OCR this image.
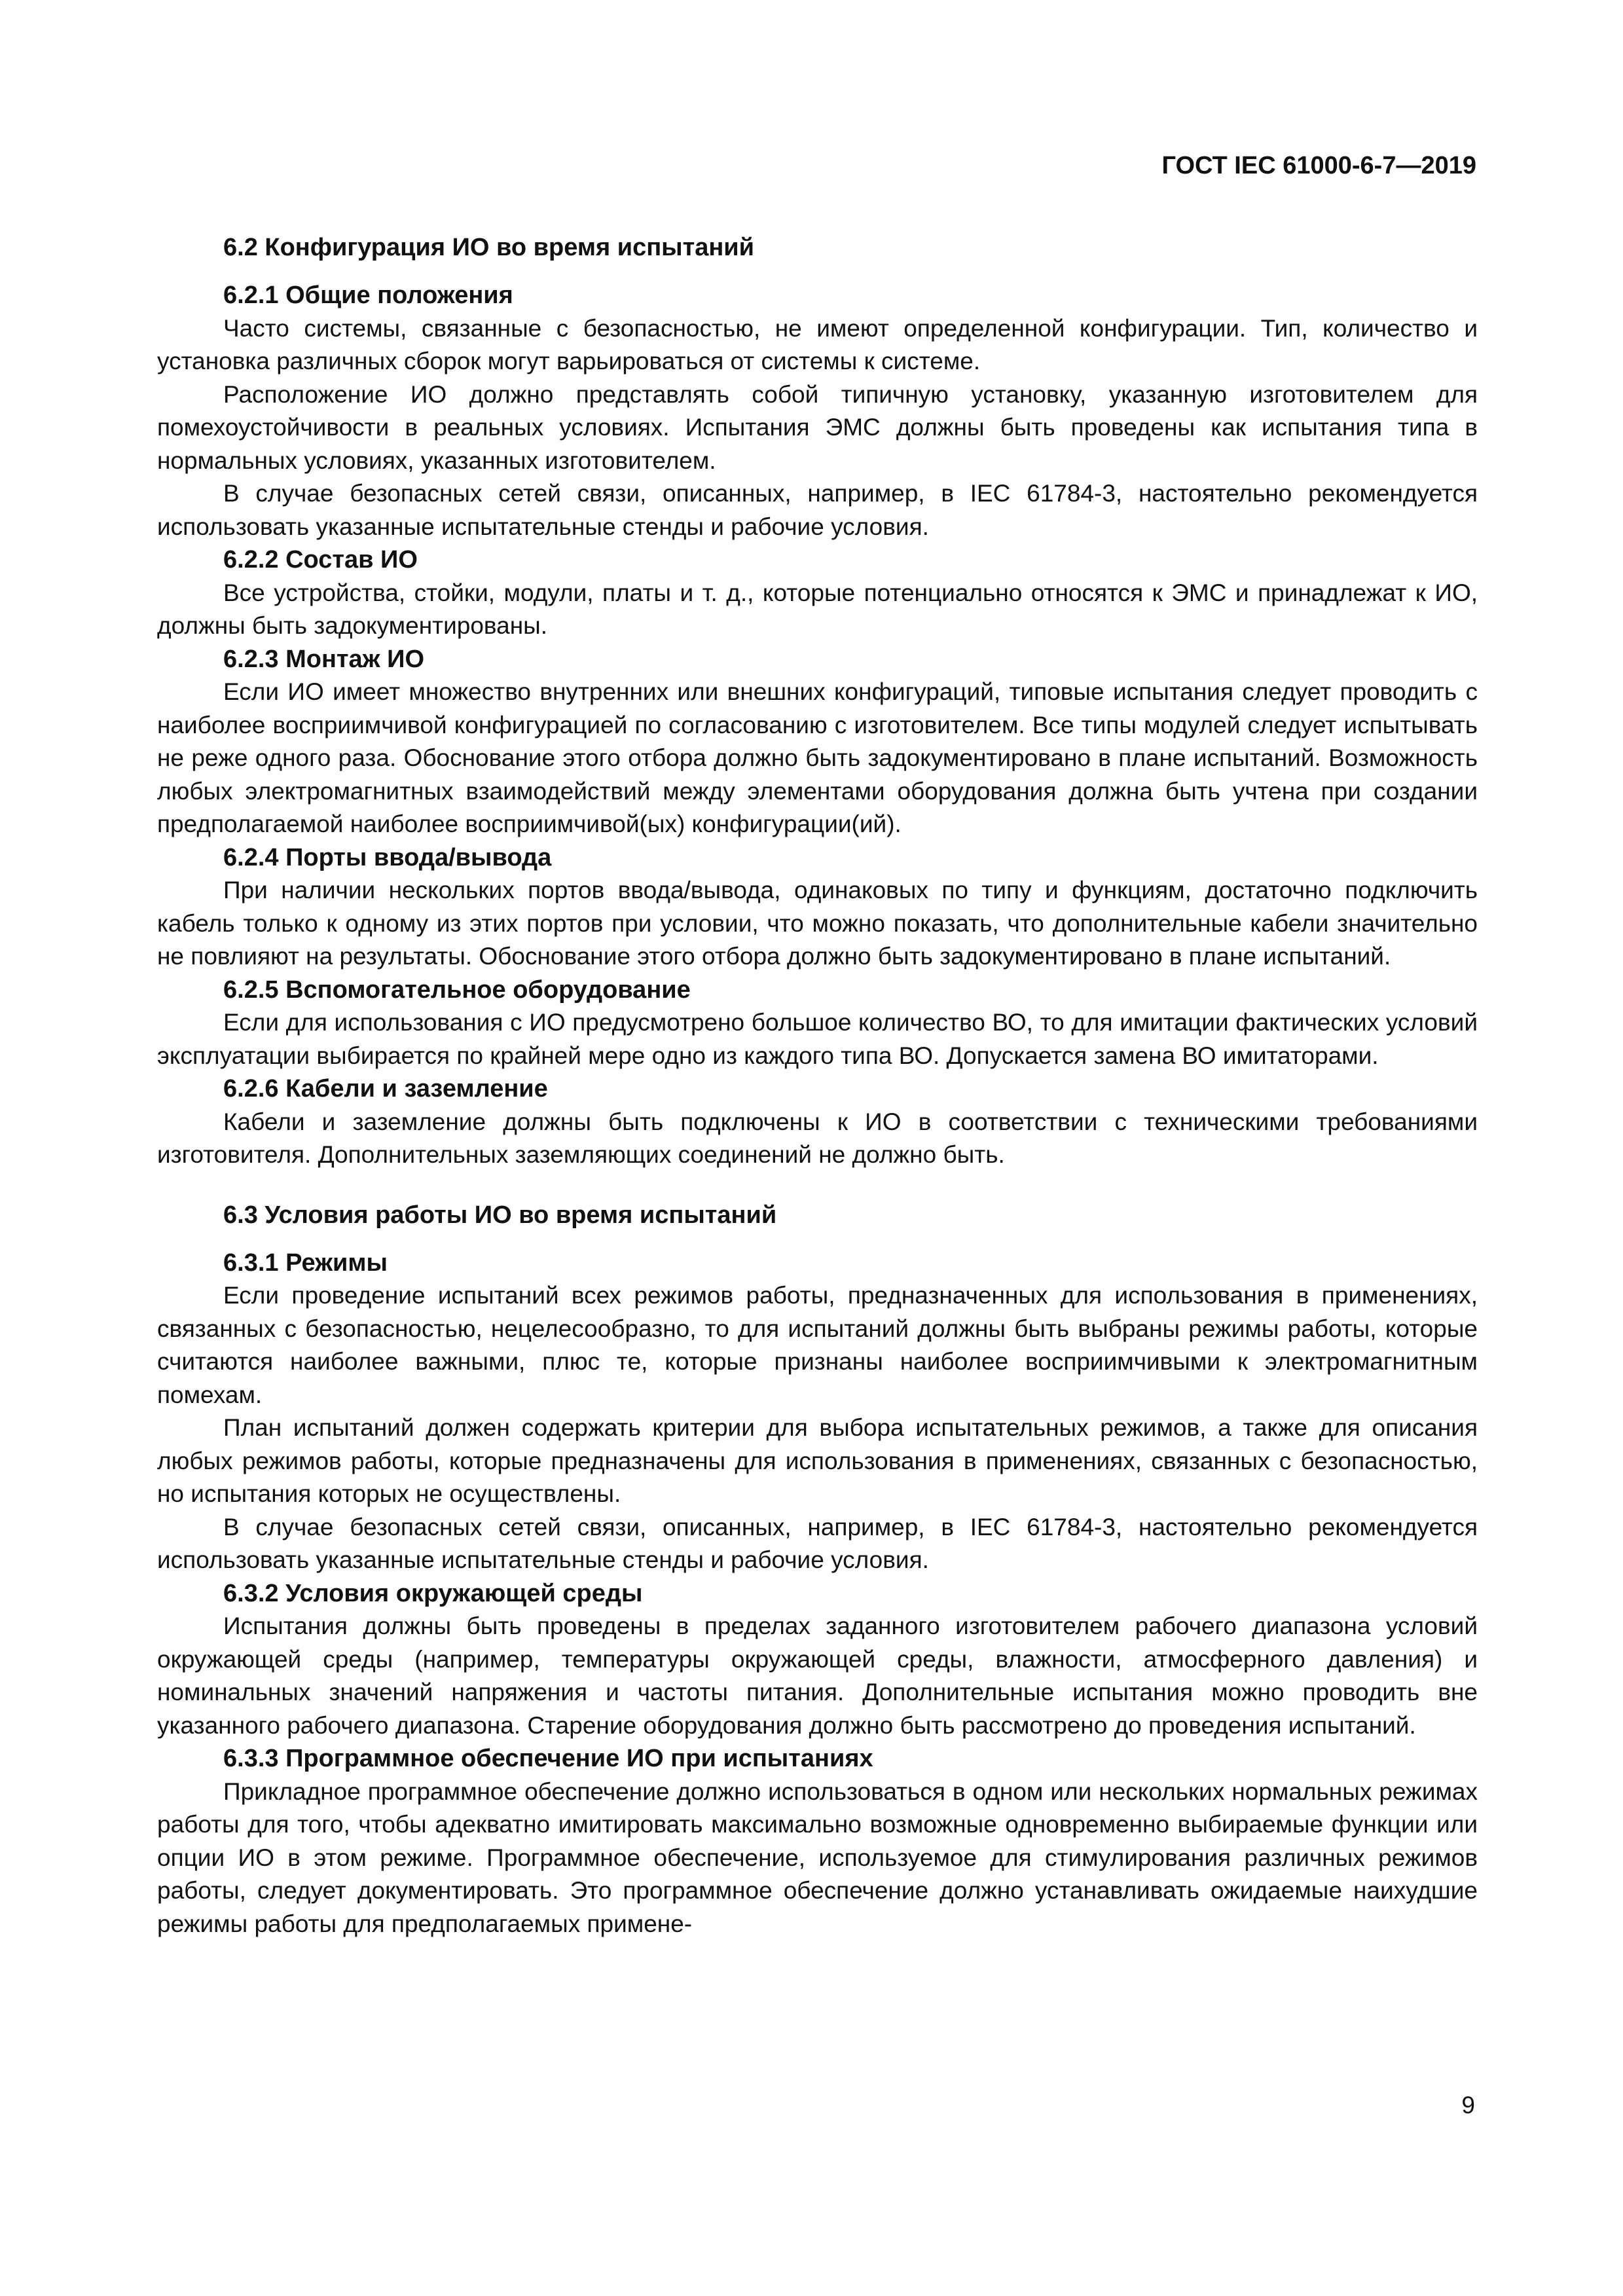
ГОСТ IEC 61000-6-7—2019
6.2 Конфигурация ИО во время испытаний
6.2.1 Общие положения
Часто системы, связанные с безопасностью, не имеют определенной конфигурации. Тип, количество и установка различных сборок могут варьироваться от системы к системе.
Расположение ИО должно представлять собой типичную установку, указанную изготовителем для помехоустойчивости в реальных условиях. Испытания ЭМС должны быть проведены как испытания типа в нормальных условиях, указанных изготовителем.
В случае безопасных сетей связи, описанных, например, в IEC 61784-3, настоятельно рекомендуется использовать указанные испытательные стенды и рабочие условия.
6.2.2 Состав ИО
Все устройства, стойки, модули, платы и т. д., которые потенциально относятся к ЭМС и принадлежат к ИО, должны быть задокументированы.
6.2.3 Монтаж ИО
Если ИО имеет множество внутренних или внешних конфигураций, типовые испытания следует проводить с наиболее восприимчивой конфигурацией по согласованию с изготовителем. Все типы модулей следует испытывать не реже одного раза. Обоснование этого отбора должно быть задокументировано в плане испытаний. Возможность любых электромагнитных взаимодействий между элементами оборудования должна быть учтена при создании предполагаемой наиболее восприимчивой(ых) конфигурации(ий).
6.2.4 Порты ввода/вывода
При наличии нескольких портов ввода/вывода, одинаковых по типу и функциям, достаточно подключить кабель только к одному из этих портов при условии, что можно показать, что дополнительные кабели значительно не повлияют на результаты. Обоснование этого отбора должно быть задокументировано в плане испытаний.
6.2.5 Вспомогательное оборудование
Если для использования с ИО предусмотрено большое количество ВО, то для имитации фактических условий эксплуатации выбирается по крайней мере одно из каждого типа ВО. Допускается замена ВО имитаторами.
6.2.6 Кабели и заземление
Кабели и заземление должны быть подключены к ИО в соответствии с техническими требованиями изготовителя. Дополнительных заземляющих соединений не должно быть.
6.3 Условия работы ИО во время испытаний
6.3.1 Режимы
Если проведение испытаний всех режимов работы, предназначенных для использования в применениях, связанных с безопасностью, нецелесообразно, то для испытаний должны быть выбраны режимы работы, которые считаются наиболее важными, плюс те, которые признаны наиболее восприимчивыми к электромагнитным помехам.
План испытаний должен содержать критерии для выбора испытательных режимов, а также для описания любых режимов работы, которые предназначены для использования в применениях, связанных с безопасностью, но испытания которых не осуществлены.
В случае безопасных сетей связи, описанных, например, в IEC 61784-3, настоятельно рекомендуется использовать указанные испытательные стенды и рабочие условия.
6.3.2 Условия окружающей среды
Испытания должны быть проведены в пределах заданного изготовителем рабочего диапазона условий окружающей среды (например, температуры окружающей среды, влажности, атмосферного давления) и номинальных значений напряжения и частоты питания. Дополнительные испытания можно проводить вне указанного рабочего диапазона. Старение оборудования должно быть рассмотрено до проведения испытаний.
6.3.3 Программное обеспечение ИО при испытаниях
Прикладное программное обеспечение должно использоваться в одном или нескольких нормальных режимах работы для того, чтобы адекватно имитировать максимально возможные одновременно выбираемые функции или опции ИО в этом режиме. Программное обеспечение, используемое для стимулирования различных режимов работы, следует документировать. Это программное обеспечение должно устанавливать ожидаемые наихудшие режимы работы для предполагаемых примене-
9
